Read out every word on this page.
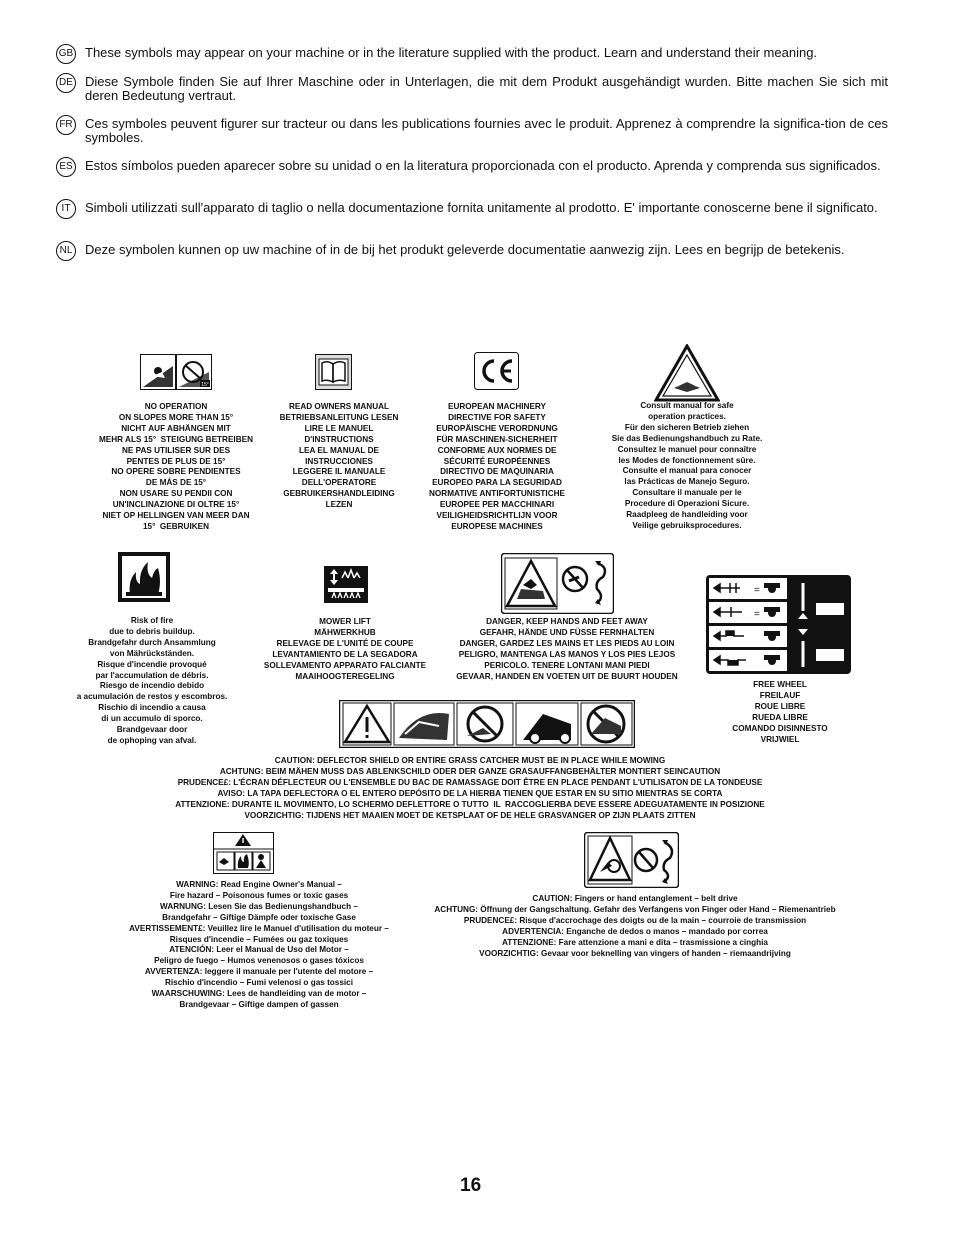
GB These symbols may appear on your machine or in the literature supplied with the product. Learn and understand their meaning.
DE Diese Symbole finden Sie auf Ihrer Maschine oder in Unterlagen, die mit dem Produkt ausgehändigt wurden. Bitte machen Sie sich mit deren Bedeutung vertraut.
FR Ces symboles peuvent figurer sur tracteur ou dans les publications fournies avec le produit. Apprenez à comprendre la significa-tion de ces symboles.
ES Estos símbolos pueden aparecer sobre su unidad o en la literatura proporcionada con el producto. Aprenda y comprenda sus significados.
IT	Simboli utilizzati sull'apparato di taglio o nella documentazione fornita unitamente al prodotto. E' importante conoscerne bene il significato.
NL Deze symbolen kunnen op uw machine of in de bij het produkt geleverde documentatie aanwezig zijn. Lees en begrijp de betekenis.
15°
NO OPERATION
ON SLOPES MORE THAN 15°
NICHT AUF ABHÄNGEN MIT
MEHR ALS 15°  STEIGUNG BETREIBEN
NE PAS UTILISER SUR DES
PENTES DE PLUS DE 15°
NO OPERE SOBRE PENDIENTES
DE MÁS DE 15°
NON USARE SU PENDII CON
UN'INCLINAZIONE DI OLTRE 15°
NIET OP HELLINGEN VAN MEER DAN
15°  GEBRUIKEN
READ OWNERS MANUAL
BETRIEBSANLEITUNG LESEN
LIRE LE MANUEL
D'INSTRUCTIONS
LEA EL MANUAL DE
INSTRUCCIONES
LEGGERE IL MANUALE
DELL'OPERATORE
GEBRUIKERSHANDLEIDING
LEZEN
EUROPEAN MACHINERY
DIRECTIVE FOR SAFETY
EUROPÄISCHE VERORDNUNG
FÜR MASCHINEN-SICHERHEIT
CONFORME AUX NORMES DE
SÉCURITÉ EUROPÉENNES
DIRECTIVO DE MAQUINARIA
EUROPEO PARA LA SEGURIDAD
NORMATIVE ANTIFORTUNISTICHE
EUROPEE PER MACCHINARI
VEILIGHEIDSRICHTLIJN VOOR
EUROPESE MACHINES
Consult manual for safe
operation practices.
Für den sicheren Betrieb ziehen
Sie das Bedienungshandbuch zu Rate.
Consultez le manuel pour connaître
les Modes de fonctionnement sûre.
Consulte el manual para conocer
las Prácticas de Manejo Seguro.
Consultare il manuale per le
Procedure di Operazioni Sicure.
Raadpleeg de handleiding voor
Veilige gebruiksprocedures.
=
=
Risk of fire
due to debris buildup.
Brandgefahr durch Ansammlung
von Mährückständen.
Risque d'incendie provoqué
par l'accumulation de débris.
Riesgo de incendio debido
a acumulación de restos y escombros.
Rischio di incendio a causa
di un accumulo di sporco.
Brandgevaar door
de ophoping van afval.
MOWER LIFT
MÄHWERKHUB
RELEVAGE DE L'UNITÉ DE COUPE
LEVANTAMIENTO DE LA SEGADORA
SOLLEVAMENTO APPARATO FALCIANTE
MAAIHOOGTEREGELING
DANGER, KEEP HANDS AND FEET AWAY
GEFAHR, HÄNDE UND FÜSSE FERNHALTEN
DANGER, GARDEZ LES MAINS ET LES PIEDS AU LOIN
PELIGRO, MANTENGA LAS MANOS Y LOS PIES LEJOS
PERICOLO. TENERE LONTANI MANI PIEDI
GEVAAR, HANDEN EN VOETEN UIT DE BUURT HOUDEN
FREE WHEEL
FREILAUF
ROUE LIBRE
RUEDA LIBRE
COMANDO DISINNESTO
VRIJWIEL
CAUTION: DEFLECTOR SHIELD OR ENTIRE GRASS CATCHER MUST BE IN PLACE WHILE MOWING
ACHTUNG: BEIM MÄHEN MUSS DAS ABLENKSCHILD ODER DER GANZE GRASAUFFANGBEHÄLTER MONTIERT SEINCAUTION
PRUDENCE£: L'ÉCRAN DÉFLECTEUR OU L'ENSEMBLE DU BAC DE RAMASSAGE DOIT ÊTRE EN PLACE PENDANT L'UTILISATON DE LA TONDEUSE
AVISO: LA TAPA DEFLECTORA O EL ENTERO DEPÓSITO DE LA HIERBA TIENEN QUE ESTAR EN SU SITIO MIENTRAS SE CORTA
ATTENZIONE: DURANTE IL MOVIMENTO, LO SCHERMO DEFLETTORE O TUTTO  IL  RACCOGLIERBA DEVE ESSERE ADEGUATAMENTE IN POSIZIONE
VOORZICHTIG: TIJDENS HET MAAIEN MOET DE KETSPLAAT OF DE HELE GRASVANGER OP ZIJN PLAATS ZITTEN
WARNING: Read Engine Owner's Manual –
Fire hazard – Poisonous fumes or toxic gases
WARNUNG: Lesen Sie das Bedienungshandbuch –
Brandgefahr – Giftige Dämpfe oder toxische Gase
AVERTISSEMENT£: Veuillez lire le Manuel d'utilisation du moteur –
Risques d'incendie – Fumées ou gaz toxiques
ATENCIÓN: Leer el Manual de Uso del Motor –
Peligro de fuego – Humos venenosos o gases tóxicos
AVVERTENZA: leggere il manuale per l'utente del motore –
Rischio d'incendio – Fumi velenosi o gas tossici
WAARSCHUWING: Lees de handleiding van de motor –
Brandgevaar – Giftige dampen of gassen
CAUTION: Fingers or hand entanglement – belt drive
ACHTUNG: Öffnung der Gangschaltung. Gefahr des Verfangens von Finger oder Hand – Riemenantrieb
PRUDENCE£: Risque d'accrochage des doigts ou de la main – courroie de transmission
ADVERTENCIA: Enganche de dedos o manos – mandado por correa
ATTENZIONE: Fare attenzione a mani e dita – trasmissione a cinghia
VOORZICHTIG: Gevaar voor beknelling van vingers of handen – riemaandrijving
16
